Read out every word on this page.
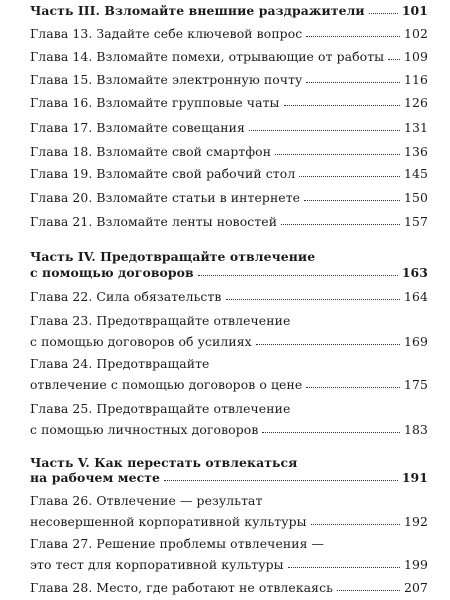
Часть III. Взломайте внешние раздражители	101
Глава 13. Задайте себе ключевой вопрос	102
Глава 14. Взломайте помехи, отрывающие от работы 109
Глава 15. Взломайте электронную почту	116
Глава 16. Взломайте групповые чаты	126
Глава 17. Взломайте совещания	131
Глава 18. Взломайте свой смартфон	136
Глава 19. Взломайте свой рабочий стол	145
Глава 20. Взломайте статьи в интернете	150
Глава 21. Взломайте ленты новостей	157
Часть IV. Предотвращайте отвлечение
с помощью договоров	163
Глава 22. Сила обязательств	164
Глава 23. Предотвращайте отвлечение
с помощью договоров об усилиях	169
Глава 24. Предотвращайте
отвлечение с помощью договоров о цене	175
Глава 25. Предотвращайте отвлечение
с помощью личностных договоров	183
Часть V. Как перестать отвлекаться
на рабочем месте	191
Глава 26. Отвлечение — результат
несовершенной корпоративной культуры	192
Глава 27. Решение проблемы отвлечения —
это тест для корпоративной культуры	199
Глава 28. Место, где работают не отвлекаясь	207
